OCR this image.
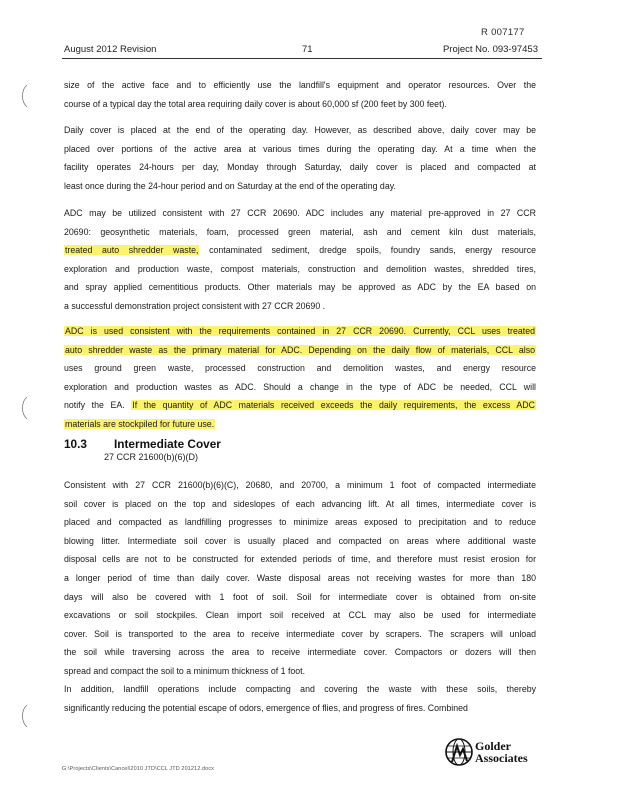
R 007177
August 2012 Revision	71	Project No. 093-97453
size of the active face and to efficiently use the landfill's equipment and operator resources. Over the
course of a typical day the total area requiring daily cover is about 60,000 sf (200 feet by 300 feet).
Daily cover is placed at the end of the operating day. However, as described above, daily cover may be
placed over portions of the active area at various times during the operating day. At a time when the
facility operates 24-hours per day, Monday through Saturday, daily cover is placed and compacted at
least once during the 24-hour period and on Saturday at the end of the operating day.
ADC may be utilized consistent with 27 CCR 20690. ADC includes any material pre-approved in 27 CCR
20690: geosynthetic materials, foam, processed green material, ash and cement kiln dust materials,
treated auto shredder waste, contaminated sediment, dredge spoils, foundry sands, energy resource
exploration and production waste, compost materials, construction and demolition wastes, shredded tires,
and spray applied cementitious products. Other materials may be approved as ADC by the EA based on
a successful demonstration project consistent with 27 CCR 20690 .
ADC is used consistent with the requirements contained in 27 CCR 20690. Currently, CCL uses treated
auto shredder waste as the primary material for ADC. Depending on the daily flow of materials, CCL also
uses ground green waste, processed construction and demolition wastes, and energy resource
exploration and production wastes as ADC. Should a change in the type of ADC be needed, CCL will
notify the EA. If the quantity of ADC materials received exceeds the daily requirements, the excess ADC
materials are stockpiled for future use.
10.3 Intermediate Cover
27 CCR 21600(b)(6)(D)
Consistent with 27 CCR 21600(b)(6)(C), 20680, and 20700, a minimum 1 foot of compacted intermediate
soil cover is placed on the top and sideslopes of each advancing lift. At all times, intermediate cover is
placed and compacted as landfilling progresses to minimize areas exposed to precipitation and to reduce
blowing litter. Intermediate soil cover is usually placed and compacted on areas where additional waste
disposal cells are not to be constructed for extended periods of time, and therefore must resist erosion for
a longer period of time than daily cover. Waste disposal areas not receiving wastes for more than 180
days will also be covered with 1 foot of soil. Soil for intermediate cover is obtained from on-site
excavations or soil stockpiles. Clean import soil received at CCL may also be used for intermediate
cover. Soil is transported to the area to receive intermediate cover by scrapers. The scrapers will unload
the soil while traversing across the area to receive intermediate cover. Compactors or dozers will then
spread and compact the soil to a minimum thickness of 1 foot.
In addition, landfill operations include compacting and covering the waste with these soils, thereby
significantly reducing the potential escape of odors, emergence of flies, and progress of fires. Combined
G:\Projects\Clients\Cancel\2010 JTD\CCL JTD 201212.docx
Golder
Associates
